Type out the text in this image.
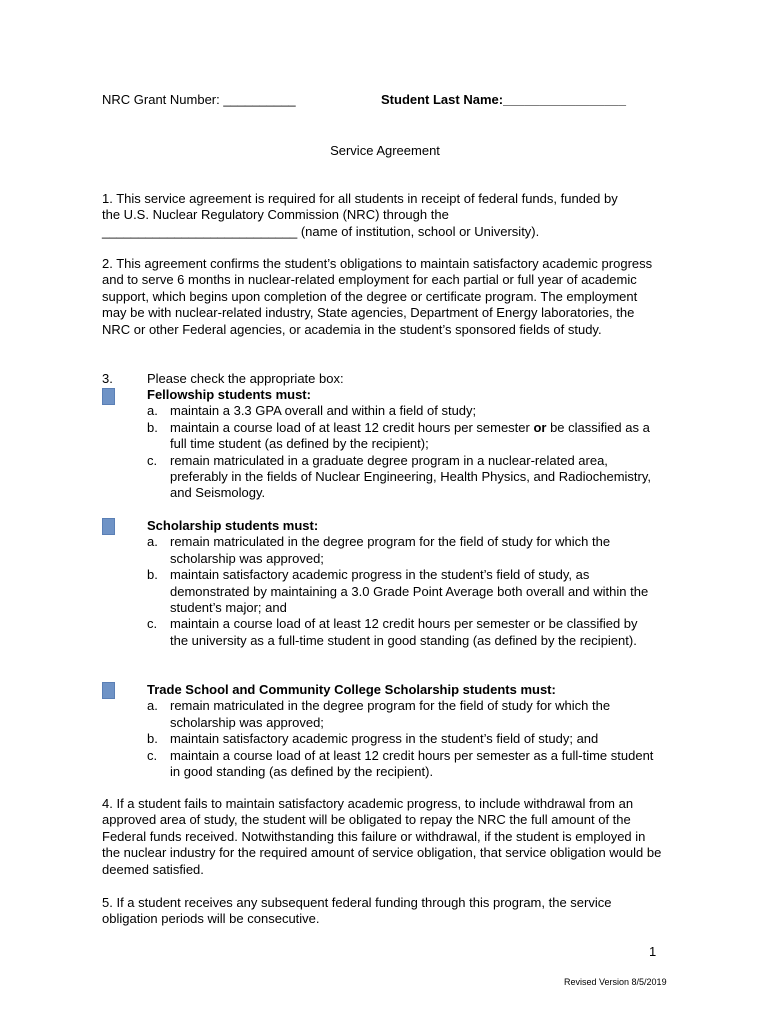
NRC Grant Number: __________	Student Last Name:_________________
Service Agreement
1. This service agreement is required for all students in receipt of federal funds, funded by
the U.S. Nuclear Regulatory Commission (NRC) through the
___________________________ (name of institution, school or University).
2. This agreement confirms the student’s obligations to maintain satisfactory academic progress and to serve 6 months in nuclear-related employment for each partial or full year of academic support, which begins upon completion of the degree or certificate program. The employment may be with nuclear-related industry, State agencies, Department of Energy laboratories, the NRC or other Federal agencies, or academia in the student’s sponsored fields of study.
3.	Please check the appropriate box:
Fellowship students must:
a. maintain a 3.3 GPA overall and within a field of study;
b. maintain a course load of at least 12 credit hours per semester or be classified as a full time student (as defined by the recipient);
c. remain matriculated in a graduate degree program in a nuclear-related area, preferably in the fields of Nuclear Engineering, Health Physics, and Radiochemistry, and Seismology.
Scholarship students must:
a. remain matriculated in the degree program for the field of study for which the scholarship was approved;
b. maintain satisfactory academic progress in the student’s field of study, as demonstrated by maintaining a 3.0 Grade Point Average both overall and within the student’s major; and
c. maintain a course load of at least 12 credit hours per semester or be classified by the university as a full-time student in good standing (as defined by the recipient).
Trade School and Community College Scholarship students must:
a. remain matriculated in the degree program for the field of study for which the scholarship was approved;
b. maintain satisfactory academic progress in the student’s field of study; and
c. maintain a course load of at least 12 credit hours per semester as a full-time student in good standing (as defined by the recipient).
4. If a student fails to maintain satisfactory academic progress, to include withdrawal from an approved area of study, the student will be obligated to repay the NRC the full amount of the Federal funds received. Notwithstanding this failure or withdrawal, if the student is employed in the nuclear industry for the required amount of service obligation, that service obligation would be deemed satisfied.
5. If a student receives any subsequent federal funding through this program, the service obligation periods will be consecutive.
1
Revised Version 8/5/2019
